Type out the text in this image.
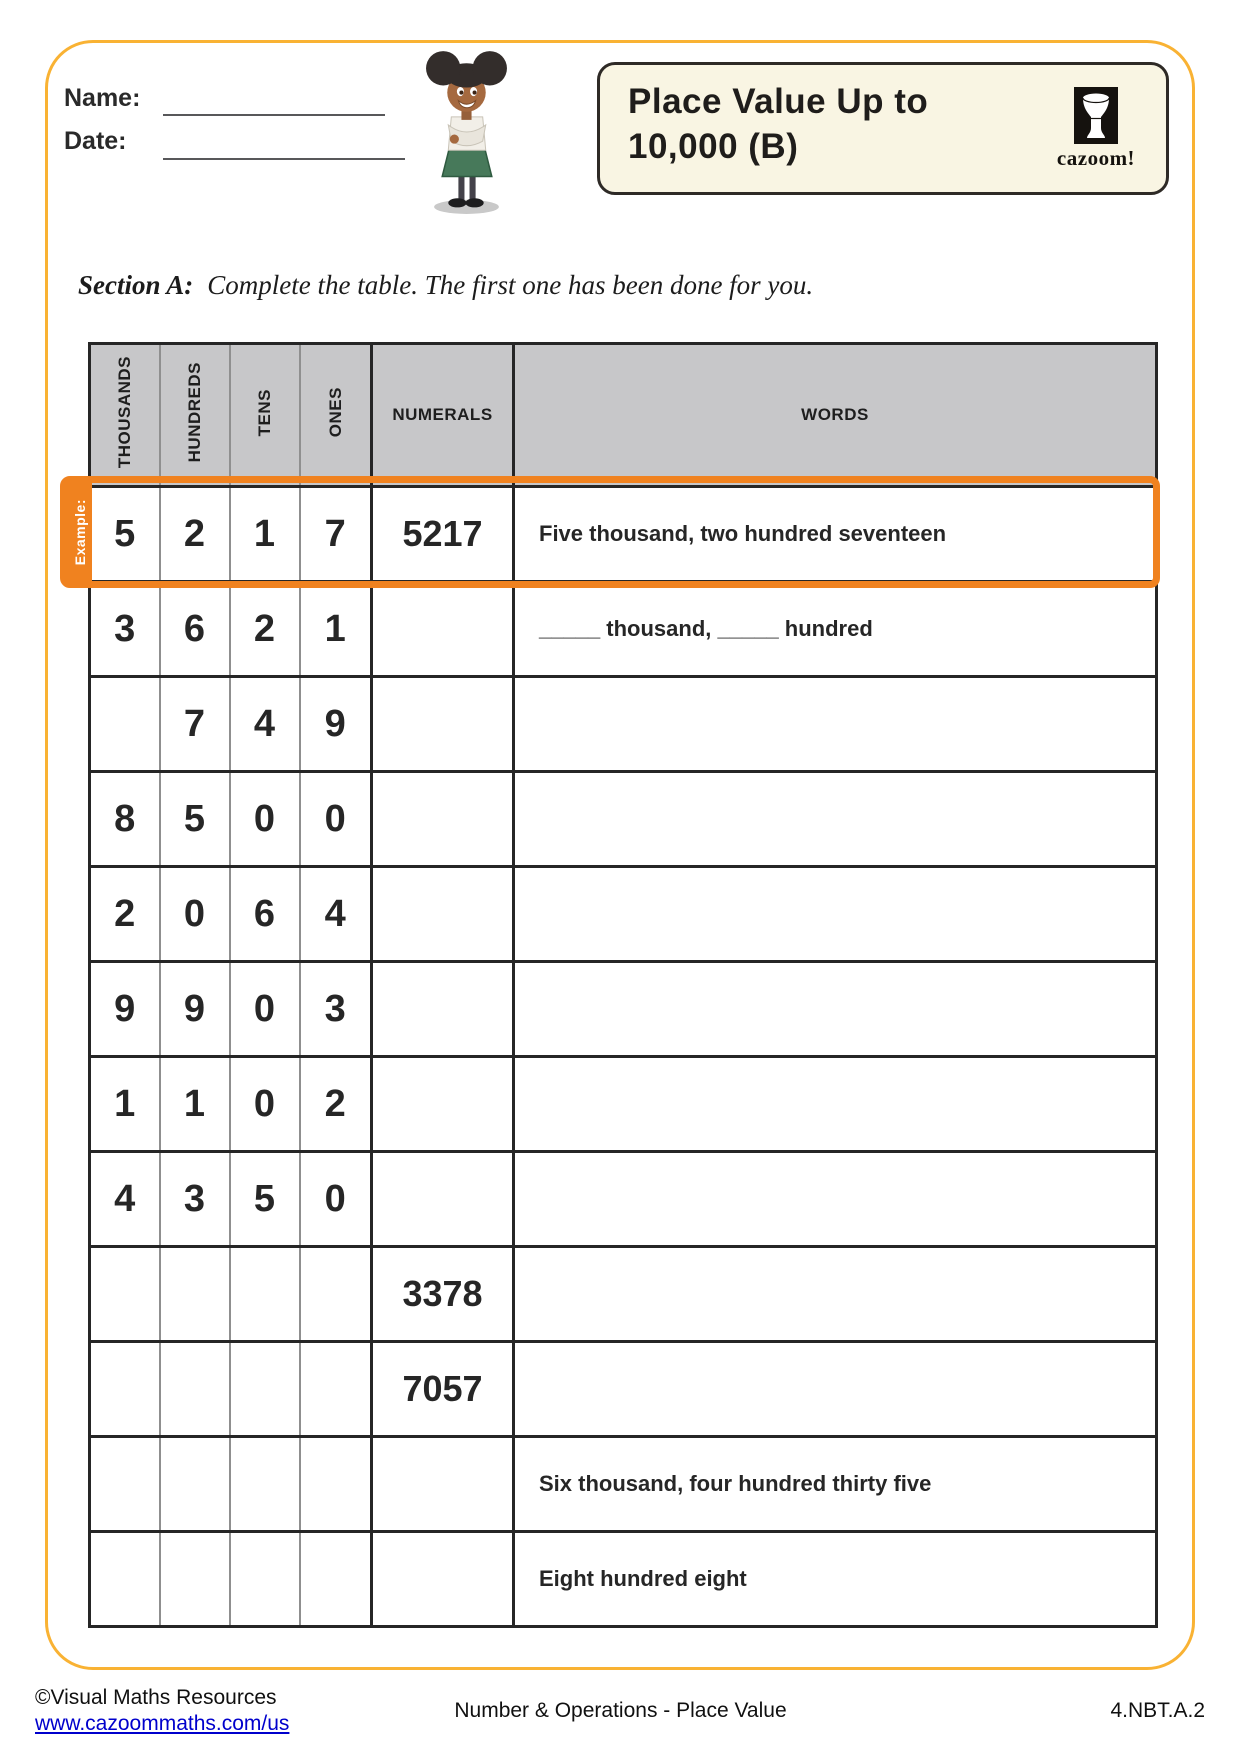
Name:
Date:
Place Value Up to
10,000 (B)	cazoom!
Section A: Complete the table. The first one has been done for you.
THOUSANDS	HUNDREDS	TENS	ONES	NUMERALS	WORDS
5	2	1	7	5217	Five thousand, two hundred seventeen
3	6	2	1		_____ thousand, _____ hundred
	7	4	9		
8	5	0	0		
2	0	6	4		
9	9	0	3		
1	1	0	2		
4	3	5	0		
				3378	
				7057	
					Six thousand, four hundred thirty five
					Eight hundred eight
Example:
©Visual Maths Resources
www.cazoommaths.com/us
Number & Operations - Place Value	4.NBT.A.2
